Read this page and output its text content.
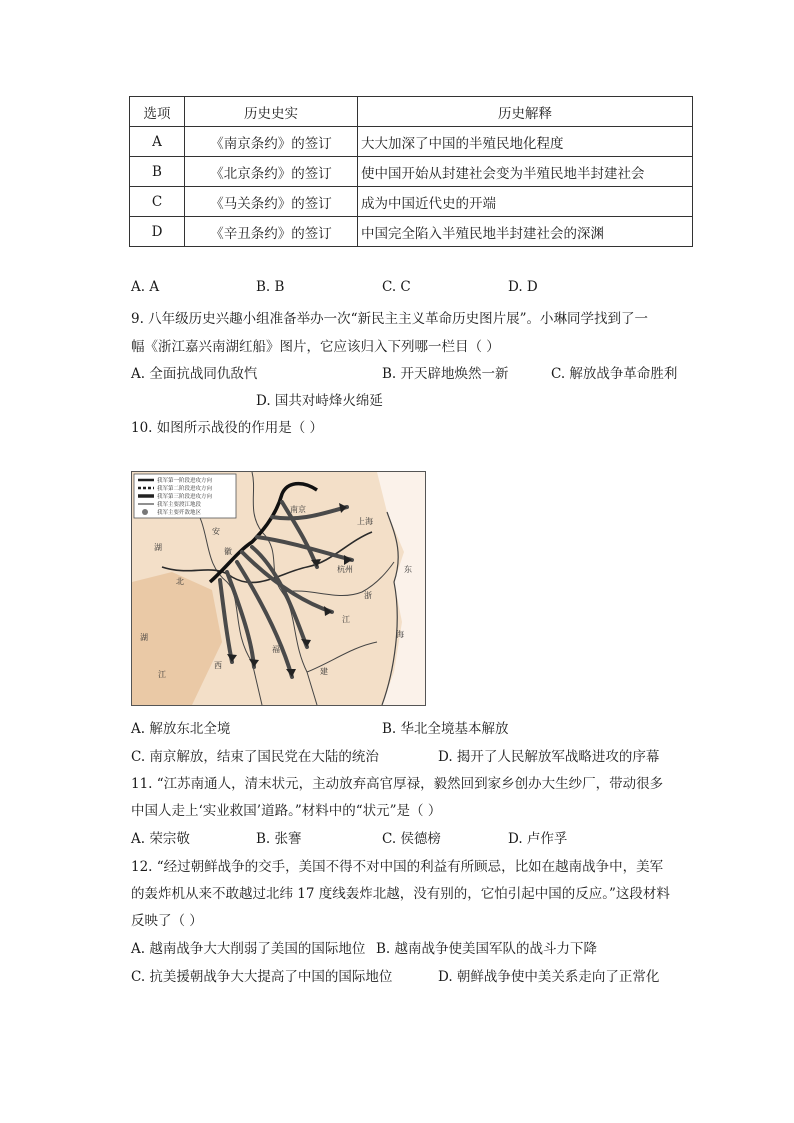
选项	历史史实	历史解释
A	《南京条约》的签订	大大加深了中国的半殖民地化程度
B	《北京条约》的签订	使中国开始从封建社会变为半殖民地半封建社会
C	《马关条约》的签订	成为中国近代史的开端
D	《辛丑条约》的签订	中国完全陷入半殖民地半封建社会的深渊
A. A	B. B	C. C	D. D
9. 八年级历史兴趣小组准备举办一次“新民主主义革命历史图片展”。小琳同学找到了一
幅《浙江嘉兴南湖红船》图片，它应该归入下列哪一栏目（ ）
A. 全面抗战同仇敌忾	B. 开天辟地焕然一新	C. 解放战争革命胜利
D. 国共对峙烽火绵延
10. 如图所示战役的作用是（ ）
我军第一阶段进攻方向
我军第二阶段进攻方向
我军第三阶段进攻方向
我军主要渡江地段
我军主要歼敌地区
湖
安
徽
南京
上海
杭州
浙
江
西
福
建
北
湖
江
东
海
A. 解放东北全境	B. 华北全境基本解放
C. 南京解放，结束了国民党在大陆的统治	D. 揭开了人民解放军战略进攻的序幕
11. “江苏南通人，清末状元，主动放弃高官厚禄，毅然回到家乡创办大生纱厂，带动很多
中国人走上‘实业救国’道路。”材料中的“状元”是（ ）
A. 荣宗敬	B. 张謇	C. 侯德榜	D. 卢作孚
12. “经过朝鲜战争的交手，美国不得不对中国的利益有所顾忌，比如在越南战争中，美军
的轰炸机从来不敢越过北纬 17 度线轰炸北越，没有别的，它怕引起中国的反应。”这段材料
反映了（ ）
A. 越南战争大大削弱了美国的国际地位 B. 越南战争使美国军队的战斗力下降
C. 抗美援朝战争大大提高了中国的国际地位	D. 朝鲜战争使中美关系走向了正常化
